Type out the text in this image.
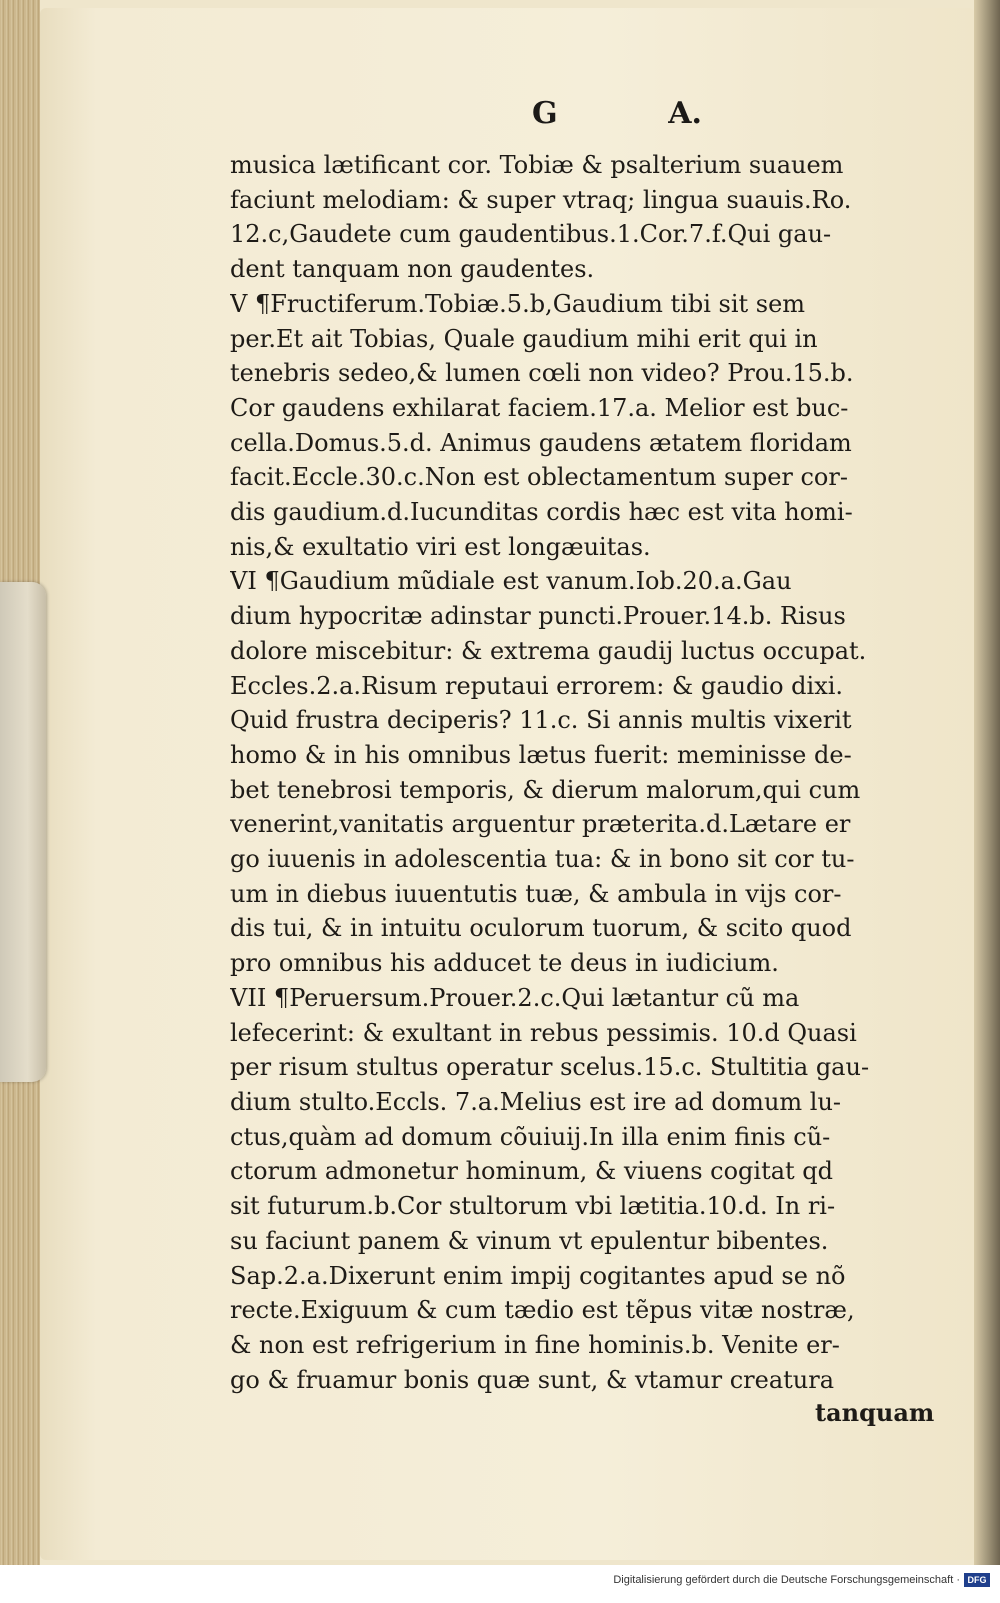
G	A.
musica lætificant cor. Tobiæ & psalterium suauem
faciunt melodiam: & super vtraq; lingua suauis.Ro.
12.c,Gaudete cum gaudentibus.1.Cor.7.f.Qui gau-
dent tanquam non gaudentes.
V ¶Fructiferum.Tobiæ.5.b,Gaudium tibi sit sem
per.Et ait Tobias, Quale gaudium mihi erit qui in
tenebris sedeo,& lumen cœli non video? Prou.15.b.
Cor gaudens exhilarat faciem.17.a. Melior est buc-
cella.Domus.5.d. Animus gaudens ætatem floridam
facit.Eccle.30.c.Non est oblectamentum super cor-
dis gaudium.d.Iucunditas cordis hæc est vita homi-
nis,& exultatio viri est longæuitas.
VI ¶Gaudium mũdiale est vanum.Iob.20.a.Gau
dium hypocritæ adinstar puncti.Prouer.14.b. Risus
dolore miscebitur: & extrema gaudij luctus occupat.
Eccles.2.a.Risum reputaui errorem: & gaudio dixi.
Quid frustra deciperis? 11.c. Si annis multis vixerit
homo & in his omnibus lætus fuerit: meminisse de-
bet tenebrosi temporis, & dierum malorum,qui cum
venerint,vanitatis arguentur præterita.d.Lætare er
go iuuenis in adolescentia tua: & in bono sit cor tu-
um in diebus iuuentutis tuæ, & ambula in vijs cor-
dis tui, & in intuitu oculorum tuorum, & scito quod
pro omnibus his adducet te deus in iudicium.
VII ¶Peruersum.Prouer.2.c.Qui lætantur cũ ma
lefecerint: & exultant in rebus pessimis. 10.d Quasi
per risum stultus operatur scelus.15.c. Stultitia gau-
dium stulto.Eccls. 7.a.Melius est ire ad domum lu-
ctus,quàm ad domum cõuiuij.In illa enim finis cũ-
ctorum admonetur hominum, & viuens cogitat qd
sit futurum.b.Cor stultorum vbi lætitia.10.d. In ri-
su faciunt panem & vinum vt epulentur bibentes.
Sap.2.a.Dixerunt enim impij cogitantes apud se nõ
recte.Exiguum & cum tædio est tẽpus vitæ nostræ,
& non est refrigerium in fine hominis.b. Venite er-
go & fruamur bonis quæ sunt, & vtamur creatura
tanquam
Digitalisierung gefördert durch die Deutsche Forschungsgemeinschaft · DFG
